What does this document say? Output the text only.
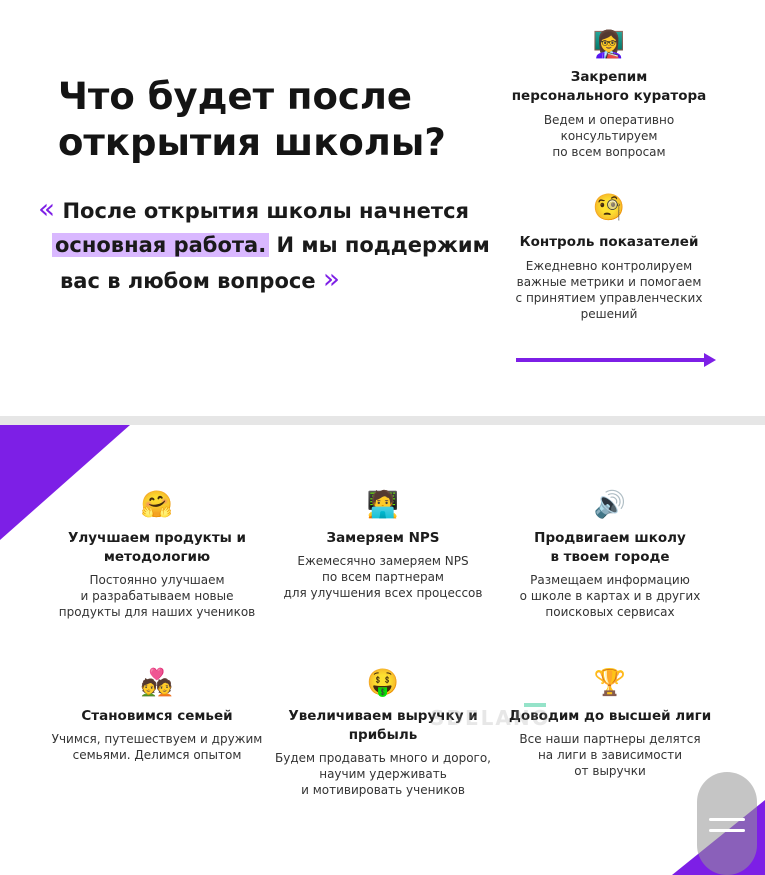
Что будет после
открытия школы?
« После открытия школы начнется
основная работа. И мы поддержим
вас в любом вопросе »
👩‍🏫
Закрепим
персонального куратора
Ведем и оперативно
консультируем
по всем вопросам
🧐
Контроль показателей
Ежедневно контролируем
важные метрики и помогаем
с принятием управленческих
решений
🤗
Улучшаем продукты и
методологию
Постоянно улучшаем
и разрабатываем новые
продукты для наших учеников
🧑‍💻
Замеряем NPS
Ежемесячно замеряем NPS
по всем партнерам
для улучшения всех процессов
🔊
Продвигаем школу
в твоем городе
Размещаем информацию
о школе в картах и в других
поисковых сервисах
💑
Становимся семьей
Учимся, путешествуем и дружим
семьями. Делимся опытом
🤑
Увеличиваем выручку и
прибыль
Будем продавать много и дорого,
научим удерживать
и мотивировать учеников
🏆
Доводим до высшей лиги
Все наши партнеры делятся
на лиги в зависимости
от выручки
SDELANO
